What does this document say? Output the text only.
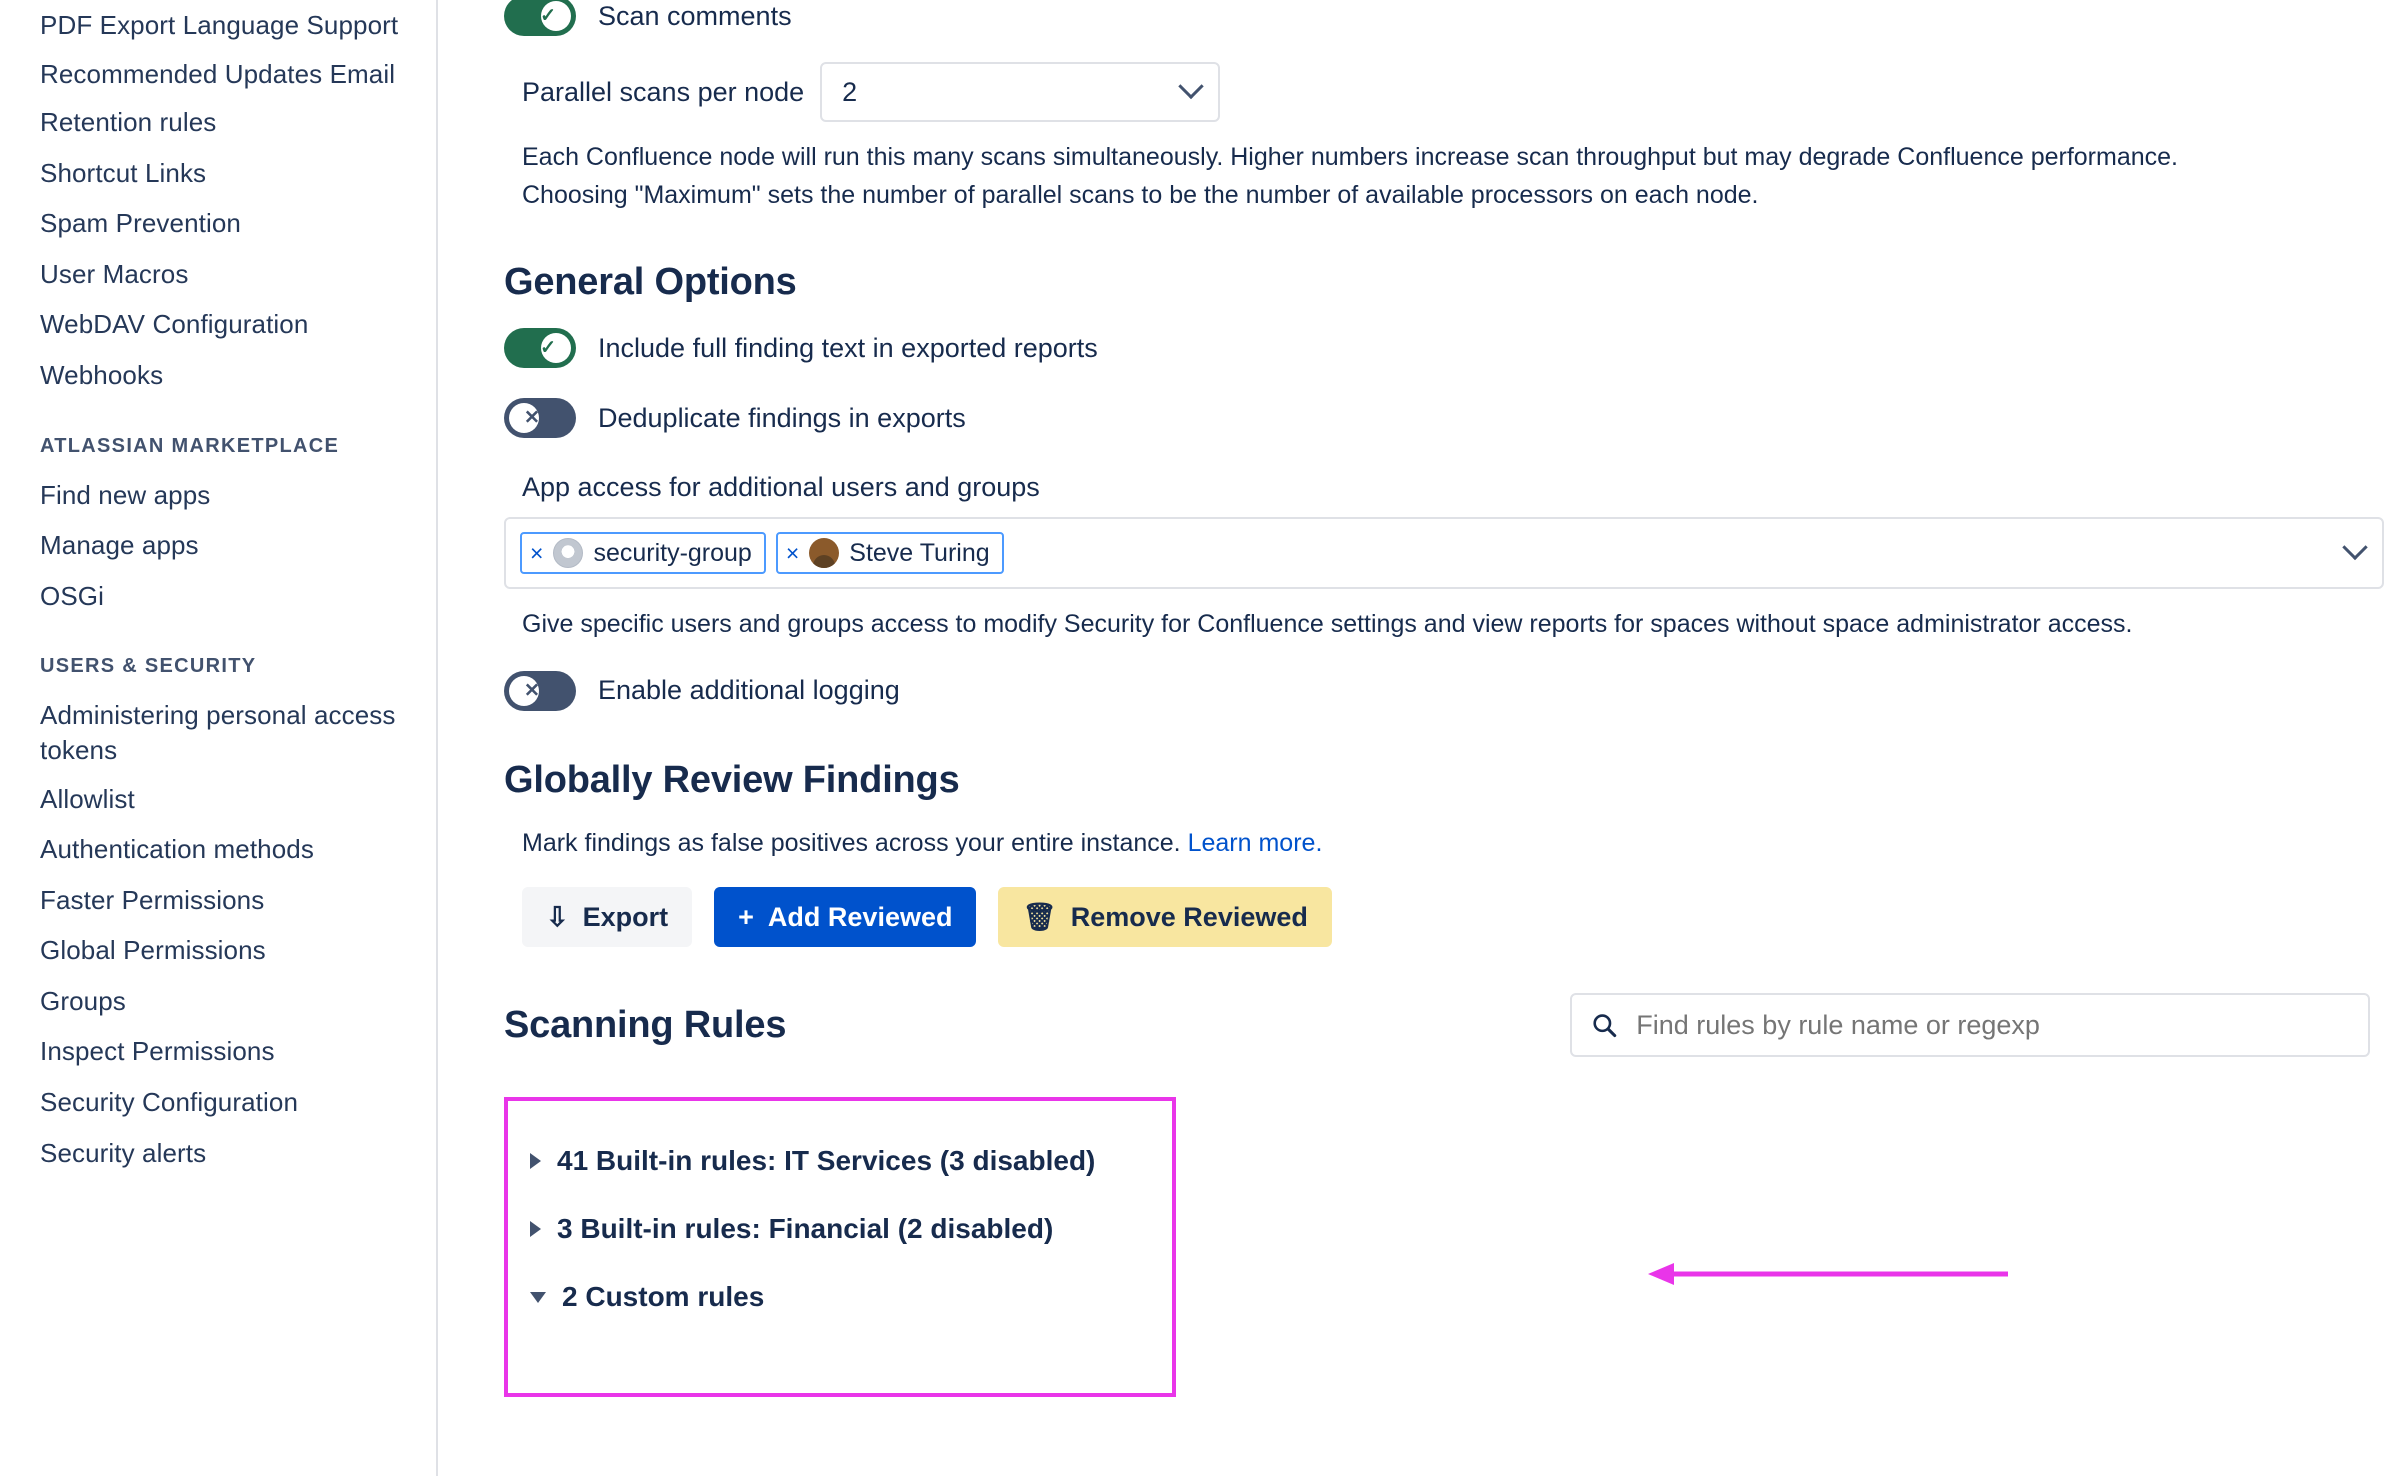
PDF Export Language Support
Recommended Updates Email
Retention rules
Shortcut Links
Spam Prevention
User Macros
WebDAV Configuration
Webhooks
ATLASSIAN MARKETPLACE
Find new apps
Manage apps
OSGi
USERS & SECURITY
Administering personal access tokens
Allowlist
Authentication methods
Faster Permissions
Global Permissions
Groups
Inspect Permissions
Security Configuration
Security alerts
✓ Scan comments
Parallel scans per node 2
Each Confluence node will run this many scans simultaneously. Higher numbers increase scan throughput but may degrade Confluence performance.
Choosing "Maximum" sets the number of parallel scans to be the number of available processors on each node.
General Options
✓ Include full finding text in exported reports
✕ Deduplicate findings in exports
App access for additional users and groups
× security-group × Steve Turing
Give specific users and groups access to modify Security for Confluence settings and view reports for spaces without space administrator access.
✕ Enable additional logging
Globally Review Findings
Mark findings as false positives across your entire instance. Learn more.
⇩ Export	+ Add Reviewed	🗑 Remove Reviewed
Scanning Rules
Find rules by rule name or regexp
41 Built-in rules: IT Services (3 disabled)
3 Built-in rules: Financial (2 disabled)
2 Custom rules
